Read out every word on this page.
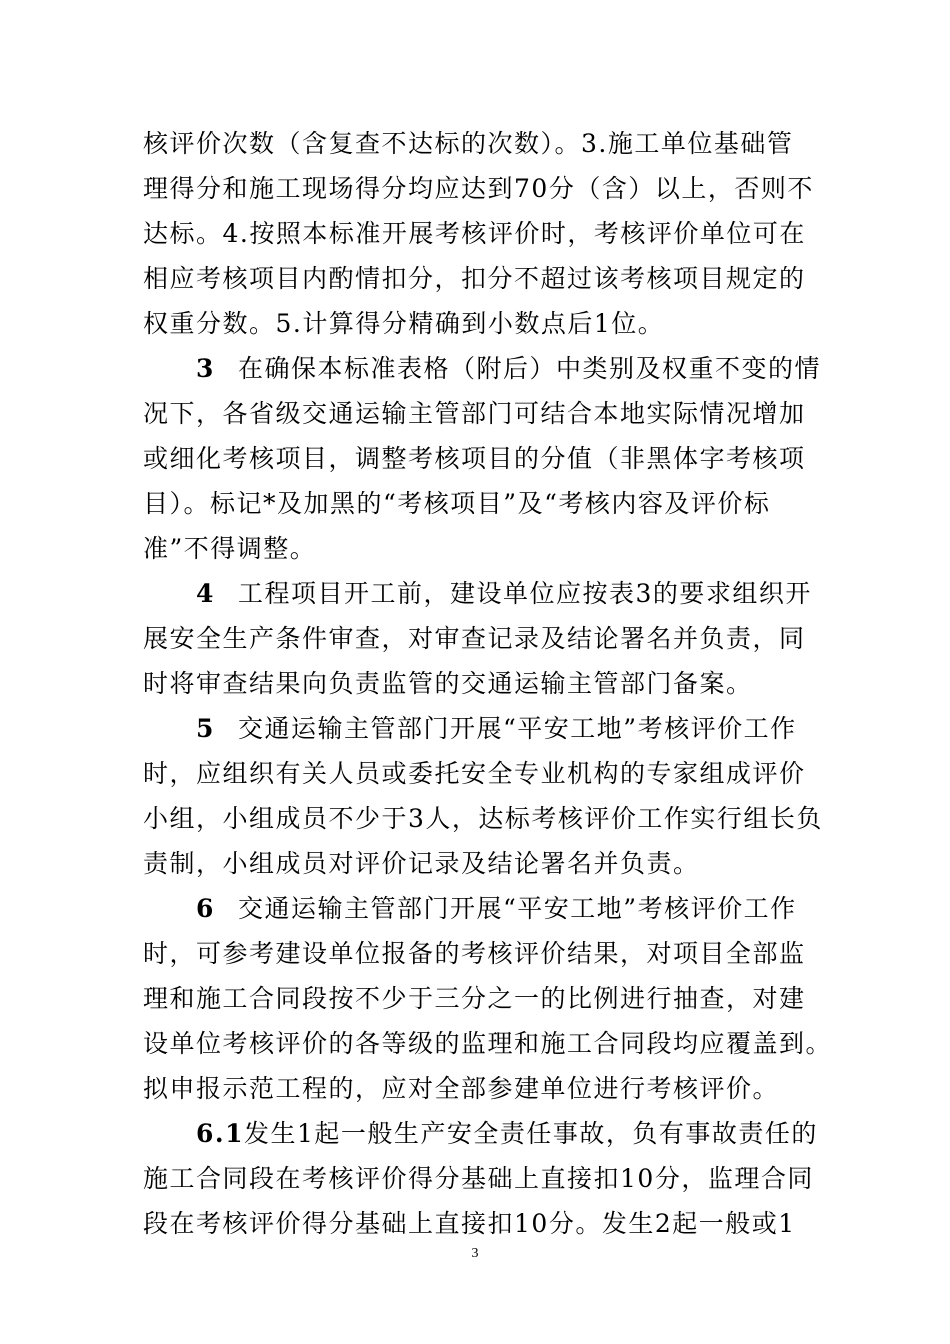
核评价次数（含复查不达标的次数）。3.施工单位基础管
理得分和施工现场得分均应达到70分（含）以上，否则不
达标。4.按照本标准开展考核评价时，考核评价单位可在
相应考核项目内酌情扣分，扣分不超过该考核项目规定的
权重分数。5.计算得分精确到小数点后1位。
3 在确保本标准表格（附后）中类别及权重不变的情
况下，各省级交通运输主管部门可结合本地实际情况增加
或细化考核项目，调整考核项目的分值（非黑体字考核项
目）。标记*及加黑的“考核项目”及“考核内容及评价标
准”不得调整。
4 工程项目开工前，建设单位应按表3的要求组织开
展安全生产条件审查，对审查记录及结论署名并负责，同
时将审查结果向负责监管的交通运输主管部门备案。
5 交通运输主管部门开展“平安工地”考核评价工作
时，应组织有关人员或委托安全专业机构的专家组成评价
小组，小组成员不少于3人，达标考核评价工作实行组长负
责制，小组成员对评价记录及结论署名并负责。
6 交通运输主管部门开展“平安工地”考核评价工作
时，可参考建设单位报备的考核评价结果，对项目全部监
理和施工合同段按不少于三分之一的比例进行抽查，对建
设单位考核评价的各等级的监理和施工合同段均应覆盖到。
拟申报示范工程的，应对全部参建单位进行考核评价。
6.1发生1起一般生产安全责任事故，负有事故责任的
施工合同段在考核评价得分基础上直接扣10分，监理合同
段在考核评价得分基础上直接扣10分。发生2起一般或1
3
